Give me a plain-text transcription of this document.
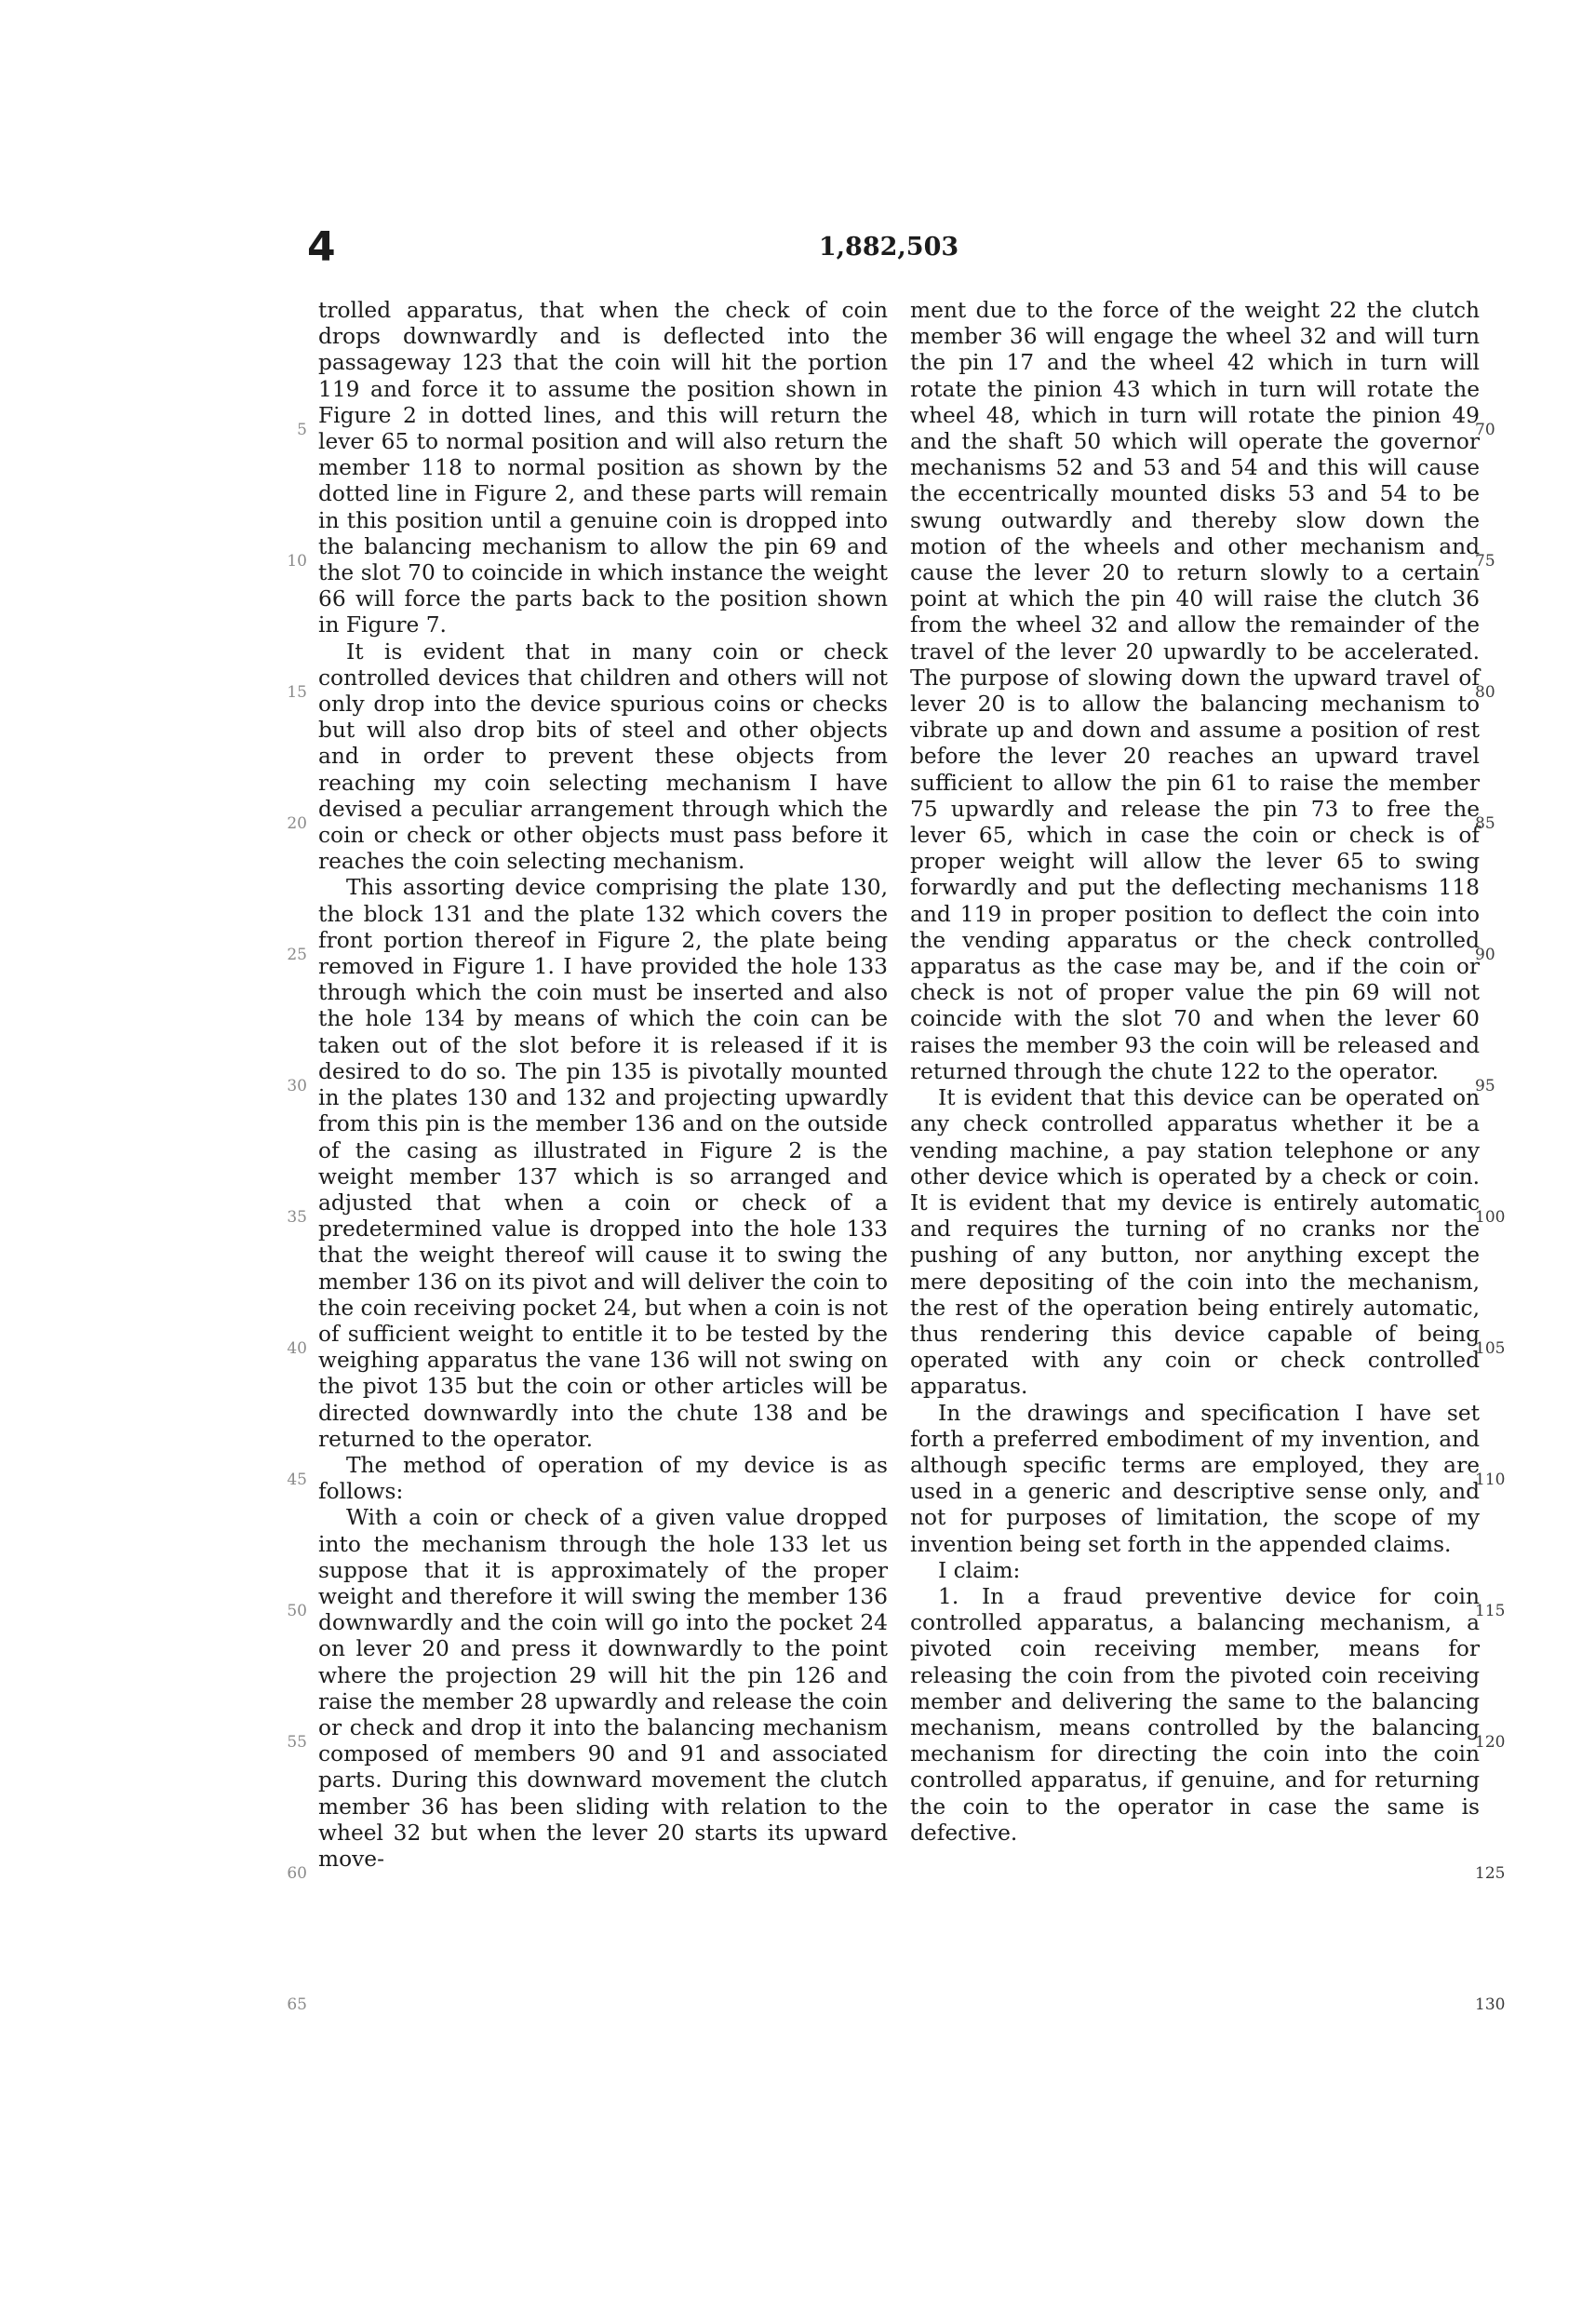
4	1,882,503

trolled apparatus, that when the check of coin drops downwardly and is deflected into the passageway 123 that the coin will hit the portion 119 and force it to assume the position shown in Figure 2 in dotted lines, and this will return the lever 65 to normal position and will also return the member 118 to normal position as shown by the dotted line in Figure 2, and these parts will remain in this position until a genuine coin is dropped into the balancing mechanism to allow the pin 69 and the slot 70 to coincide in which instance the weight 66 will force the parts back to the position shown in Figure 7.

It is evident that in many coin or check controlled devices that children and others will not only drop into the device spurious coins or checks but will also drop bits of steel and other objects and in order to prevent these objects from reaching my coin selecting mechanism I have devised a peculiar arrangement through which the coin or check or other objects must pass before it reaches the coin selecting mechanism.

This assorting device comprising the plate 130, the block 131 and the plate 132 which covers the front portion thereof in Figure 2, the plate being removed in Figure 1. I have provided the hole 133 through which the coin must be inserted and also the hole 134 by means of which the coin can be taken out of the slot before it is released if it is desired to do so. The pin 135 is pivotally mounted in the plates 130 and 132 and projecting upwardly from this pin is the member 136 and on the outside of the casing as illustrated in Figure 2 is the weight member 137 which is so arranged and adjusted that when a coin or check of a predetermined value is dropped into the hole 133 that the weight thereof will cause it to swing the member 136 on its pivot and will deliver the coin to the coin receiving pocket 24, but when a coin is not of sufficient weight to entitle it to be tested by the weighing apparatus the vane 136 will not swing on the pivot 135 but the coin or other articles will be directed downwardly into the chute 138 and be returned to the operator.

The method of operation of my device is as follows:

With a coin or check of a given value dropped into the mechanism through the hole 133 let us suppose that it is approximately of the proper weight and therefore it will swing the member 136 downwardly and the coin will go into the pocket 24 on lever 20 and press it downwardly to the point where the projection 29 will hit the pin 126 and raise the member 28 upwardly and release the coin or check and drop it into the balancing mechanism composed of members 90 and 91 and associated parts. During this downward movement the clutch member 36 has been sliding with relation to the wheel 32 but when the lever 20 starts its upward move-

ment due to the force of the weight 22 the clutch member 36 will engage the wheel 32 and will turn the pin 17 and the wheel 42 which in turn will rotate the pinion 43 which in turn will rotate the wheel 48, which in turn will rotate the pinion 49 and the shaft 50 which will operate the governor mechanisms 52 and 53 and 54 and this will cause the eccentrically mounted disks 53 and 54 to be swung outwardly and thereby slow down the motion of the wheels and other mechanism and cause the lever 20 to return slowly to a certain point at which the pin 40 will raise the clutch 36 from the wheel 32 and allow the remainder of the travel of the lever 20 upwardly to be accelerated. The purpose of slowing down the upward travel of lever 20 is to allow the balancing mechanism to vibrate up and down and assume a position of rest before the lever 20 reaches an upward travel sufficient to allow the pin 61 to raise the member 75 upwardly and release the pin 73 to free the lever 65, which in case the coin or check is of proper weight will allow the lever 65 to swing forwardly and put the deflecting mechanisms 118 and 119 in proper position to deflect the coin into the vending apparatus or the check controlled apparatus as the case may be, and if the coin or check is not of proper value the pin 69 will not coincide with the slot 70 and when the lever 60 raises the member 93 the coin will be released and returned through the chute 122 to the operator.

It is evident that this device can be operated on any check controlled apparatus whether it be a vending machine, a pay station telephone or any other device which is operated by a check or coin. It is evident that my device is entirely automatic and requires the turning of no cranks nor the pushing of any button, nor anything except the mere depositing of the coin into the mechanism, the rest of the operation being entirely automatic, thus rendering this device capable of being operated with any coin or check controlled apparatus.

In the drawings and specification I have set forth a preferred embodiment of my invention, and although specific terms are employed, they are used in a generic and descriptive sense only, and not for purposes of limitation, the scope of my invention being set forth in the appended claims.

I claim:

1. In a fraud preventive device for coin controlled apparatus, a balancing mechanism, a pivoted coin receiving member, means for releasing the coin from the pivoted coin receiving member and delivering the same to the balancing mechanism, means controlled by the balancing mechanism for directing the coin into the coin controlled apparatus, if genuine, and for returning the coin to the operator in case the same is defective.

5
10
15
20
25
30
35
40
45
50
55
60
65
70
75
80
85
90
95
100
105
110
115
120
125
130
